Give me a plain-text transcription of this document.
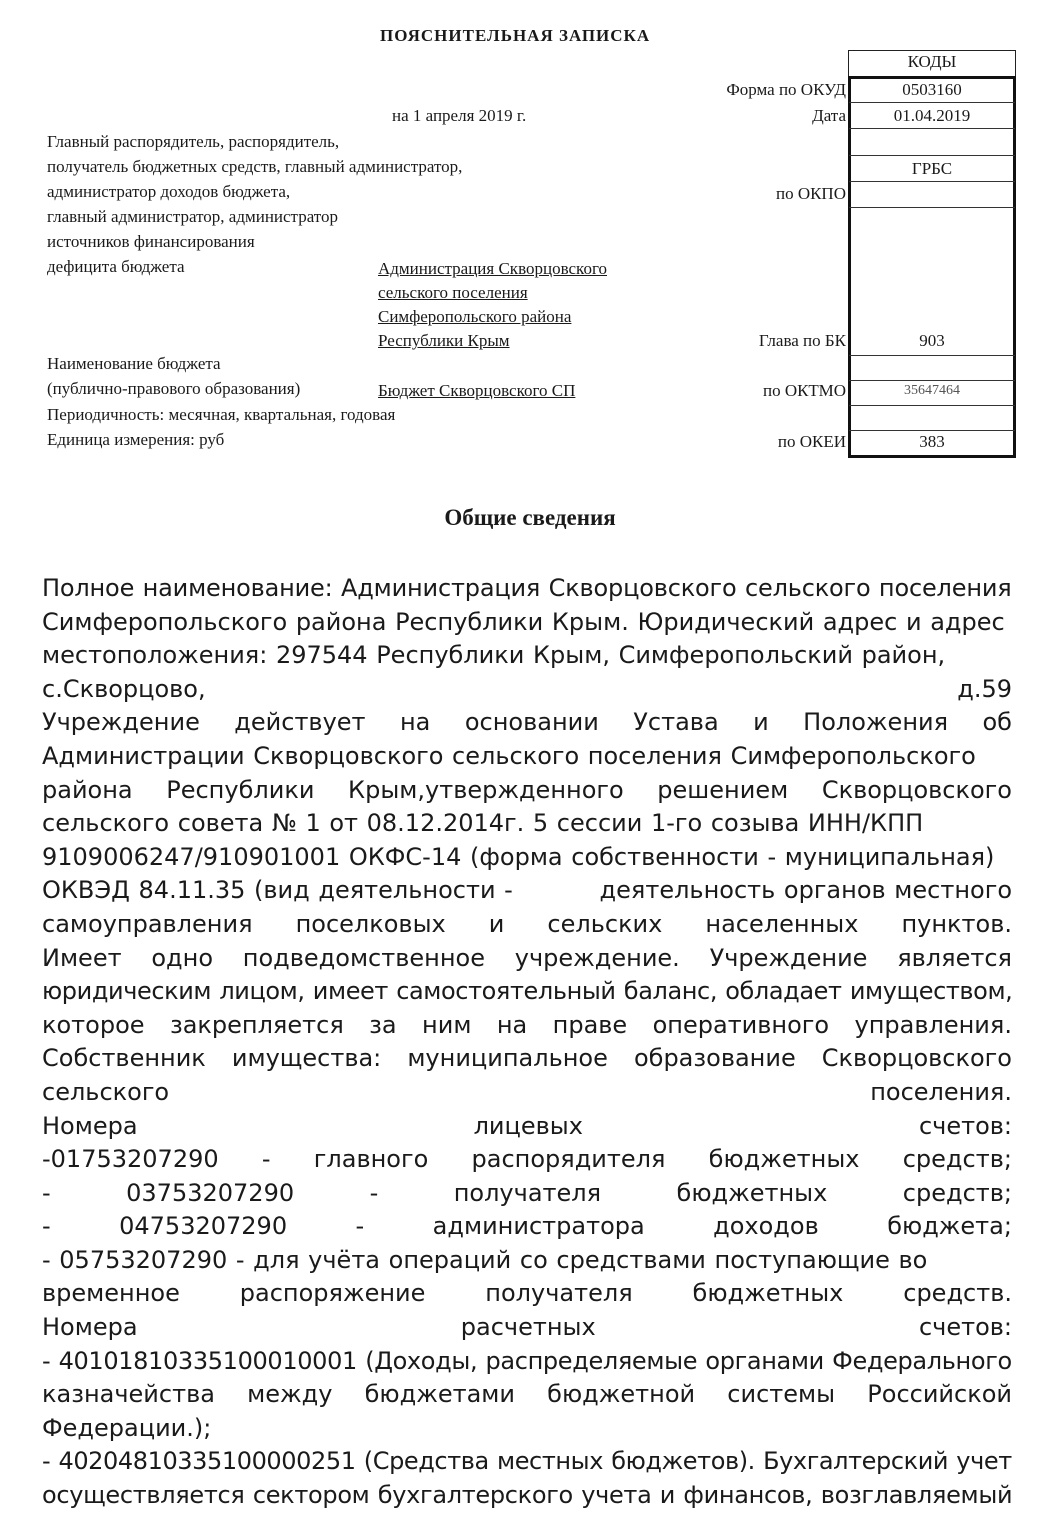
ПОЯСНИТЕЛЬНАЯ ЗАПИСКА
на 1 апреля 2019 г.
Главный распорядитель, распорядитель,
получатель бюджетных средств, главный администратор,
администратор доходов бюджета,
главный администратор, администратор
источников финансирования
дефицита бюджета	Администрация Скворцовского
сельского поселения
Симферопольского района
Республики Крым
Наименование бюджета
(публично-правового образования)	Бюджет Скворцовского СП
Периодичность: месячная, квартальная, годовая
Единица измерения: руб
КОДЫ
Форма по ОКУД	0503160
Дата	01.04.2019
ГРБС
по ОКПО
Глава по БК	903
по ОКТМО	35647464
по ОКЕИ	383
Общие сведения
Полное наименование: Администрация Скворцовского сельского поселения
Симферопольского района Республики Крым. Юридический адрес и адрес
местоположения: 297544 Республики Крым, Симферопольский район,
с.Скворцово,	д.59
Учреждение действует на основании Устава и Положения об
Администрации Скворцовского сельского поселения Симферопольского
района Республики Крым,утвержденного решением Скворцовского
сельского совета № 1 от 08.12.2014г. 5 сессии 1-го созыва ИНН/КПП
9109006247/910901001 ОКФС-14 (форма собственности - муниципальная)
ОКВЭД 84.11.35 (вид деятельности -	деятельность органов местного
самоуправления поселковых и сельских населенных пунктов.
Имеет одно подведомственное учреждение. Учреждение является
юридическим лицом, имеет самостоятельный баланс, обладает имуществом,
которое закрепляется за ним на праве оперативного управления.
Собственник имущества: муниципальное образование Скворцовского
сельского	поселения.
Номера	лицевых	счетов:
-01753207290 - главного распорядителя бюджетных средств;
-	03753207290	-	получателя	бюджетных	средств;
-	04753207290	-	администратора	доходов	бюджета;
- 05753207290 - для учёта операций со средствами поступающие во
временное распоряжение получателя бюджетных средств.
Номера	расчетных	счетов:
- 40101810335100010001 (Доходы, распределяемые органами Федерального
казначейства между бюджетами бюджетной системы Российской
Федерации.);
- 40204810335100000251 (Средства местных бюджетов). Бухгалтерский учет
осуществляется сектором бухгалтерского учета и финансов, возглавляемый
